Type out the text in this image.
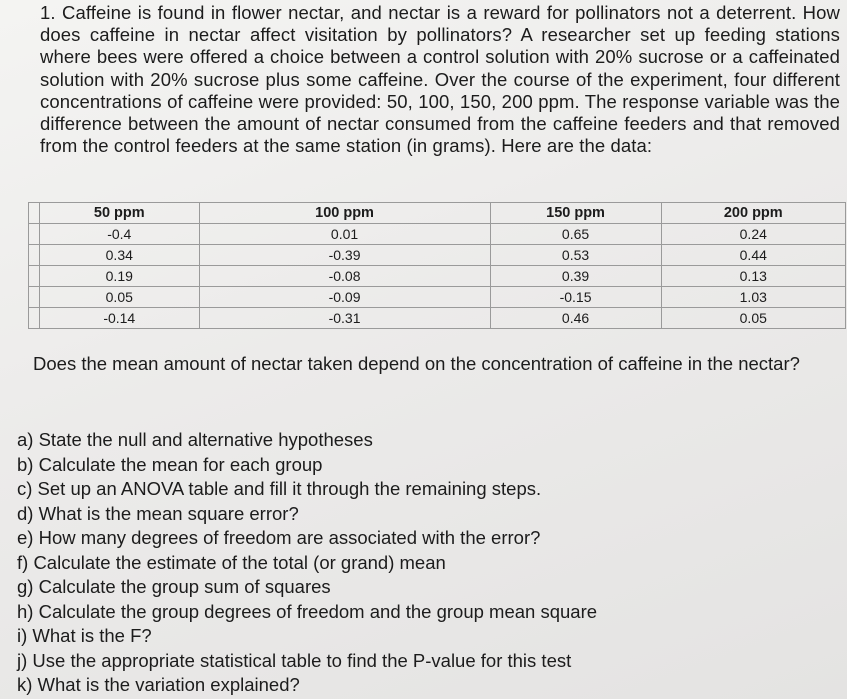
1. Caffeine is found in flower nectar, and nectar is a reward for pollinators not a deterrent. How does caffeine in nectar affect visitation by pollinators? A researcher set up feeding stations where bees were offered a choice between a control solution with 20% sucrose or a caffeinated solution with 20% sucrose plus some caffeine. Over the course of the experiment, four different concentrations of caffeine were provided: 50, 100, 150, 200 ppm. The response variable was the difference between the amount of nectar consumed from the caffeine feeders and that removed from the control feeders at the same station (in grams). Here are the data:
	50 ppm	100 ppm	150 ppm	200 ppm
	-0.4	0.01	0.65	0.24
	0.34	-0.39	0.53	0.44
	0.19	-0.08	0.39	0.13
	0.05	-0.09	-0.15	1.03
	-0.14	-0.31	0.46	0.05
Does the mean amount of nectar taken depend on the concentration of caffeine in the nectar?
a) State the null and alternative hypotheses
b) Calculate the mean for each group
c) Set up an ANOVA table and fill it through the remaining steps.
d) What is the mean square error?
e) How many degrees of freedom are associated with the error?
f) Calculate the estimate of the total (or grand) mean
g) Calculate the group sum of squares
h) Calculate the group degrees of freedom and the group mean square
i) What is the F?
j) Use the appropriate statistical table to find the P-value for this test
k) What is the variation explained?
